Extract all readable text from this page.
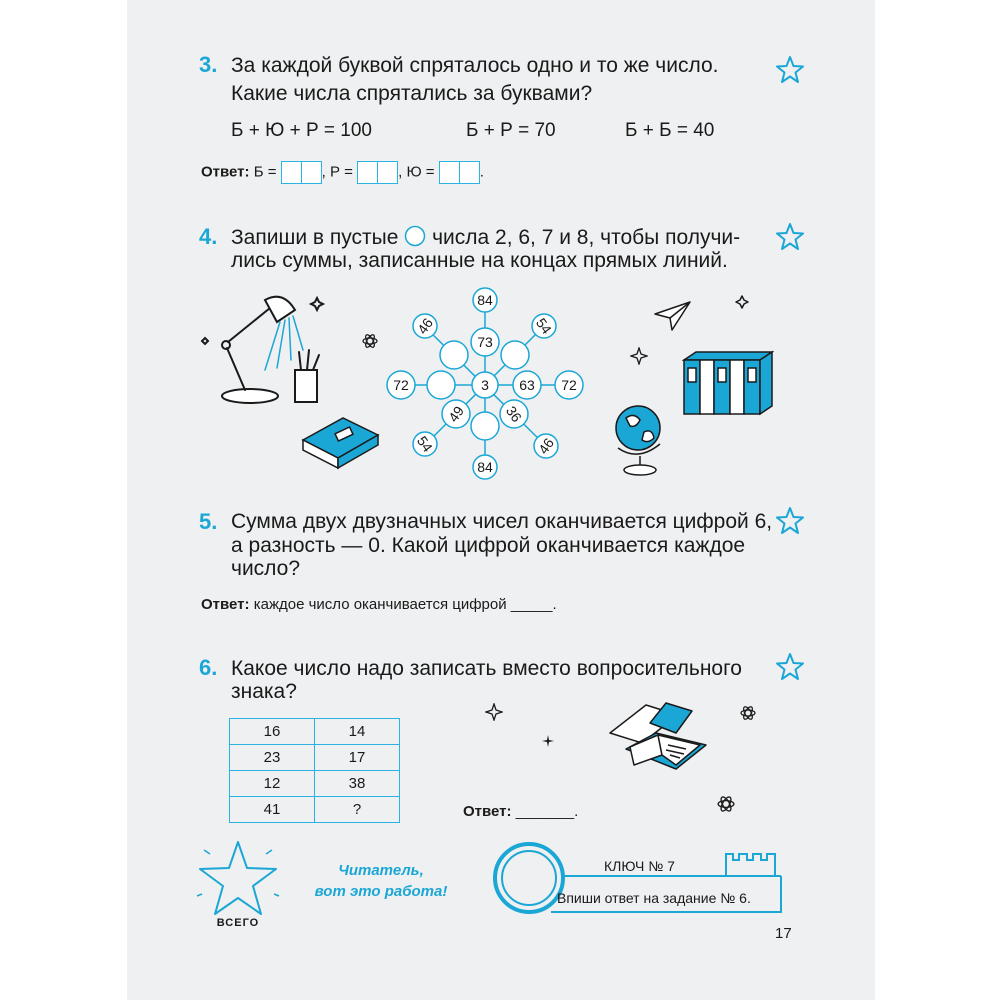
3. За каждой буквой спряталось одно и то же число.
Какие числа спрятались за буквами?
Б + Ю + Р = 100	Б + Р = 70	Б + Б = 40
Ответ: Б =	, Р =	, Ю =	.
4. Запиши в пустые числа 2, 6, 7 и 8, чтобы получи-
лись суммы, записанные на концах прямых линий.
84
46	54
73
72	3 63 72
49	36
54	46
84
5. Сумма двух двузначных чисел оканчивается цифрой 6,
а разность — 0. Какой цифрой оканчивается каждое
число?
Ответ: каждое число оканчивается цифрой _____.
6. Какое число надо записать вместо вопросительного
знака?
16	14
23	17
12	38
41	?	Ответ: _______.
ВСЕГО
Читатель,
вот это работа!
КЛЮЧ № 7
Впиши ответ на задание № 6.
17
